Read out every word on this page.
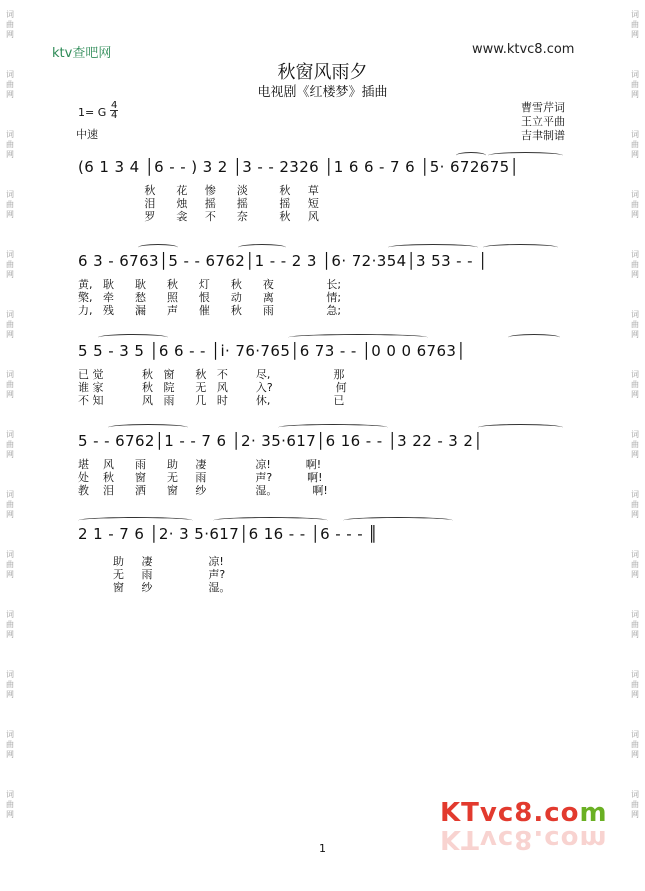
词
曲
网
词
曲
网
词
曲
网
词
曲
网
词
曲
网
词
曲
网
词
曲
网
词
曲
网
词
曲
网
词
曲
网
词
曲
网
词
曲
网
词
曲
网
词
曲
网
词
曲
网
词
曲
网
词
曲
网
词
曲
网
词
曲
网
词
曲
网
词
曲
网
词
曲
网
词
曲
网
词
曲
网
词
曲
网
词
曲
网
词
曲
网
词
曲
网
ktv查吧网	www.ktvc8.com
秋窗风雨夕
电视剧《红楼梦》插曲
1= G
4
4
中速
曹雪芹词
王立平曲
吉聿制谱
(6 1 3 4 │6 - - ) 3 2 │3 - - 2326 │1 6 6 - 7 6 │5· 672675│
秋      花     惨      淡         秋     草
泪      烛     摇      摇         摇     短
罗      衾     不      奈         秋     风
6 3 - 6763│5 - - 6762│1 - - 2 3 │6· 72·354│3 53 - - │
黄,   耿      耿      秋      灯      秋      夜               长;
檠,   牵      愁      照      恨      动      离               情;
力,   残      漏      声      催      秋      雨               急;
5 5 - 3 5 │6 6 - - │i· 76·765│6 73 - - │0 0 0 6763│
已 觉           秋   窗      秋   不        尽,                  那
谁 家           秋   院      无   风        入?                  何
不 知           风   雨      几   时        休,                  已
5 - - 6762│1 - - 7 6 │2· 35·617│6 16 - - │3 22 - 3 2│
堪    风      雨      助     凄              凉!          啊!
处    秋      窗      无     雨              声?          啊!
教    泪      洒      窗     纱              湿。          啊!
2 1 - 7 6 │2· 3 5·617│6 16 - - │6 - - - ║
助     凄                凉!
无     雨                声?
窗     纱                湿。
KTvc8.com
KTvc8.com
1
